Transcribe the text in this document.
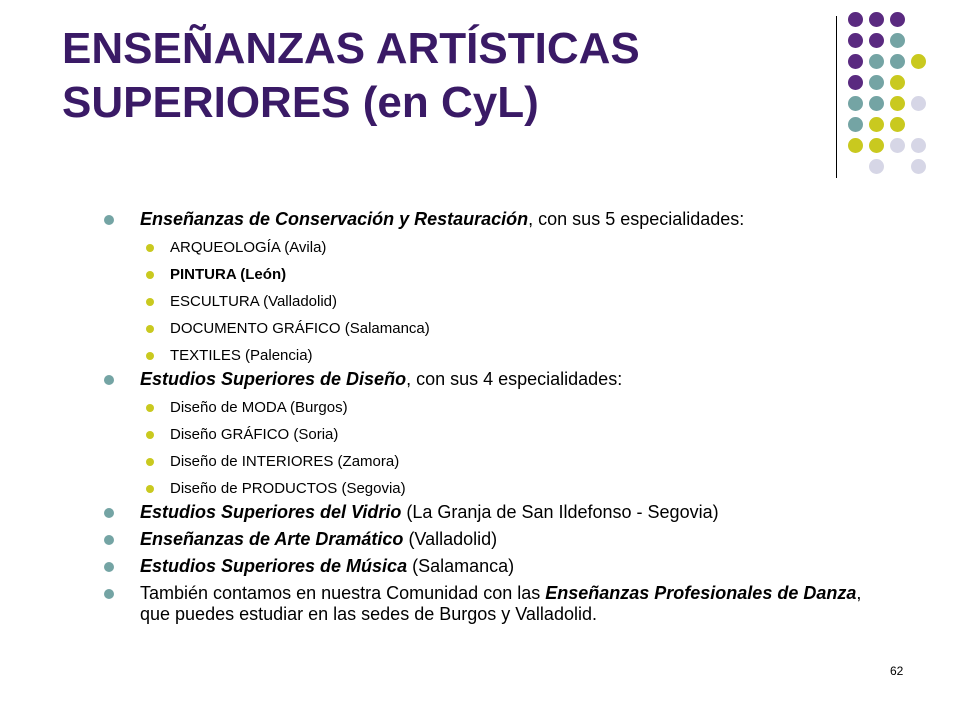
ENSEÑANZAS ARTÍSTICAS
SUPERIORES (en CyL)
Enseñanzas de Conservación y Restauración, con sus 5 especialidades:
ARQUEOLOGÍA (Avila)
PINTURA (León)
ESCULTURA (Valladolid)
DOCUMENTO GRÁFICO (Salamanca)
TEXTILES (Palencia)
Estudios Superiores de Diseño, con sus 4 especialidades:
Diseño de MODA (Burgos)
Diseño GRÁFICO (Soria)
Diseño de INTERIORES (Zamora)
Diseño de PRODUCTOS (Segovia)
Estudios Superiores del Vidrio (La Granja de San Ildefonso - Segovia)
Enseñanzas de Arte Dramático (Valladolid)
Estudios Superiores de Música (Salamanca)
También contamos en nuestra Comunidad con las Enseñanzas Profesionales de Danza, que puedes estudiar en las sedes de Burgos y Valladolid.
62
